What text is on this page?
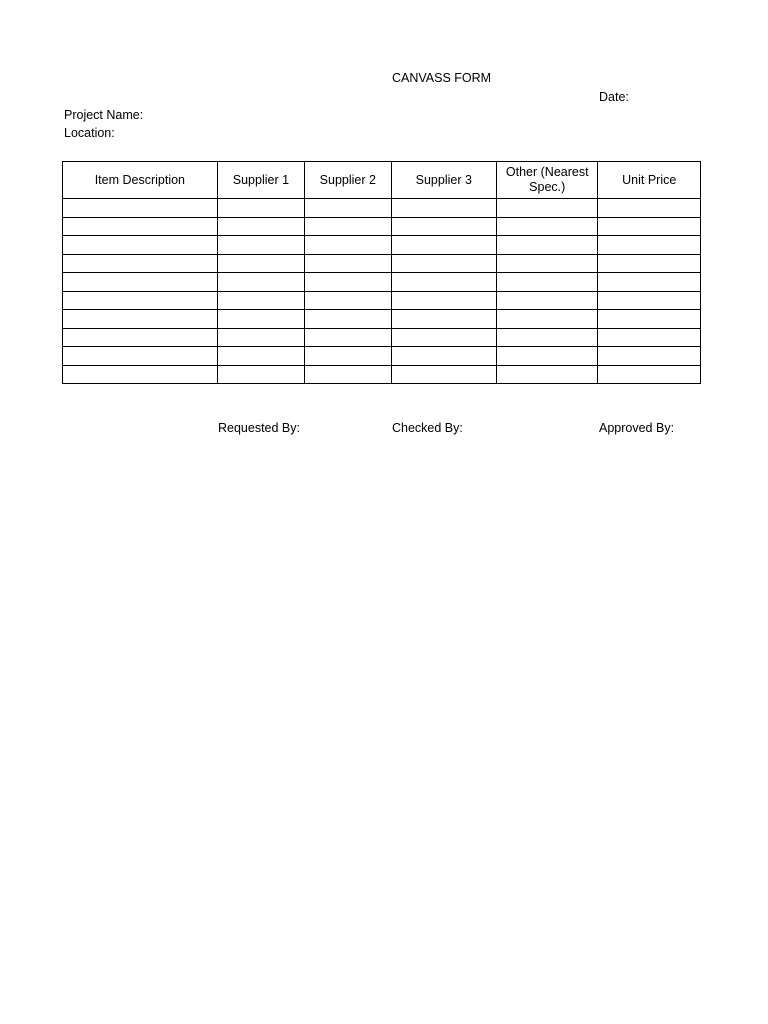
CANVASS FORM
Date:
Project Name:
Location:
Item Description	Supplier 1	Supplier 2	Supplier 3	Other (Nearest Spec.)	Unit Price

Requested By:	Checked By:	Approved By:
